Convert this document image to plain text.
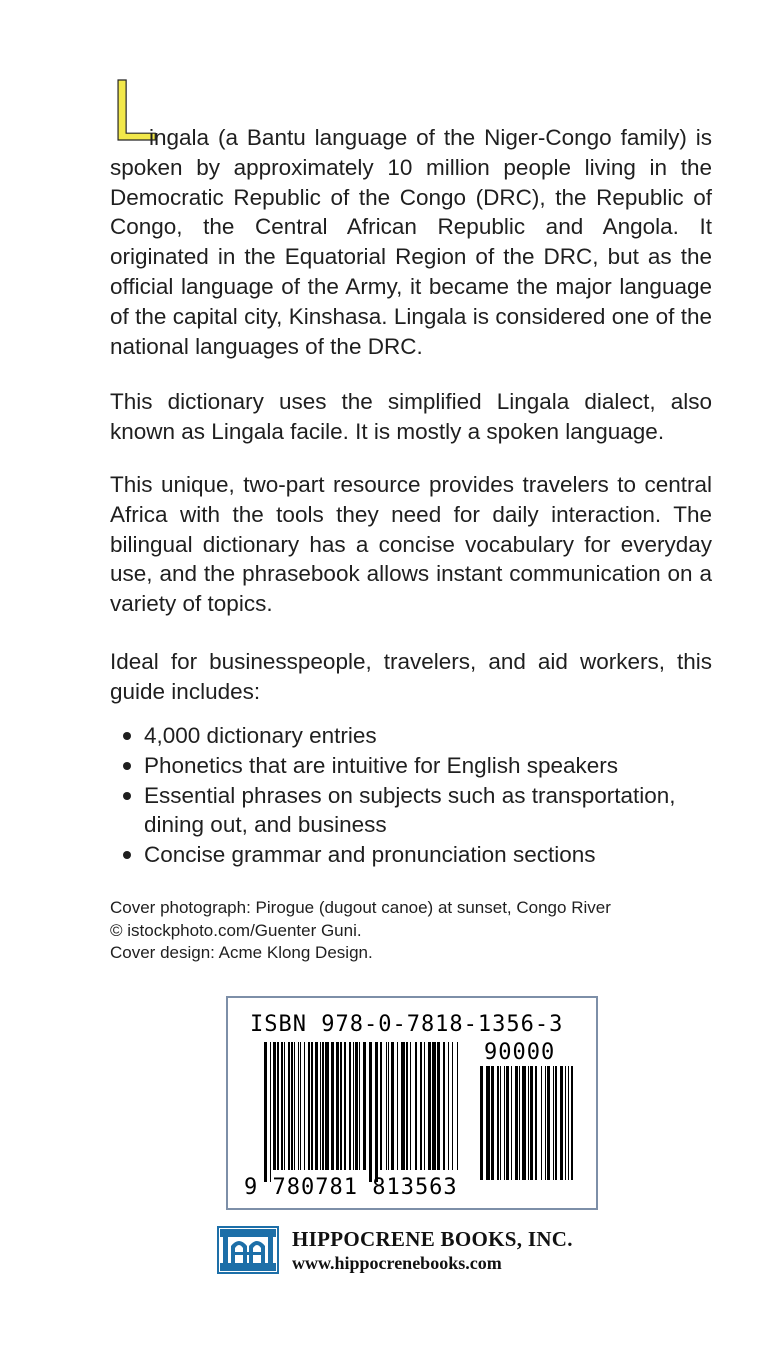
L

ingala (a Bantu language of the Niger-Congo family) is spoken by approximately 10 million people living in the Democratic Republic of the Congo (DRC), the Republic of Congo, the Central African Republic and Angola. It originated in the Equatorial Region of the DRC, but as the official language of the Army, it became the major language of the capital city, Kinshasa. Lingala is considered one of the national languages of the DRC.

This dictionary uses the simplified Lingala dialect, also known as Lingala facile. It is mostly a spoken language.

This unique, two-part resource provides travelers to central Africa with the tools they need for daily interaction. The bilingual dictionary has a concise vocabulary for everyday use, and the phrasebook allows instant communication on a variety of topics.

Ideal for businesspeople, travelers, and aid workers, this guide includes:

4,000 dictionary entries
Phonetics that are intuitive for English speakers
Essential phrases on subjects such as transportation, dining out, and business
Concise grammar and pronunciation sections
Cover photograph: Pirogue (dugout canoe) at sunset, Congo River
© istockphoto.com/Guenter Guni.
Cover design: Acme Klong Design.
ISBN 978-0-7818-1356-3
90000
9 780781 813563
HIPPOCRENE BOOKS, INC.
www.hippocrenebooks.com
